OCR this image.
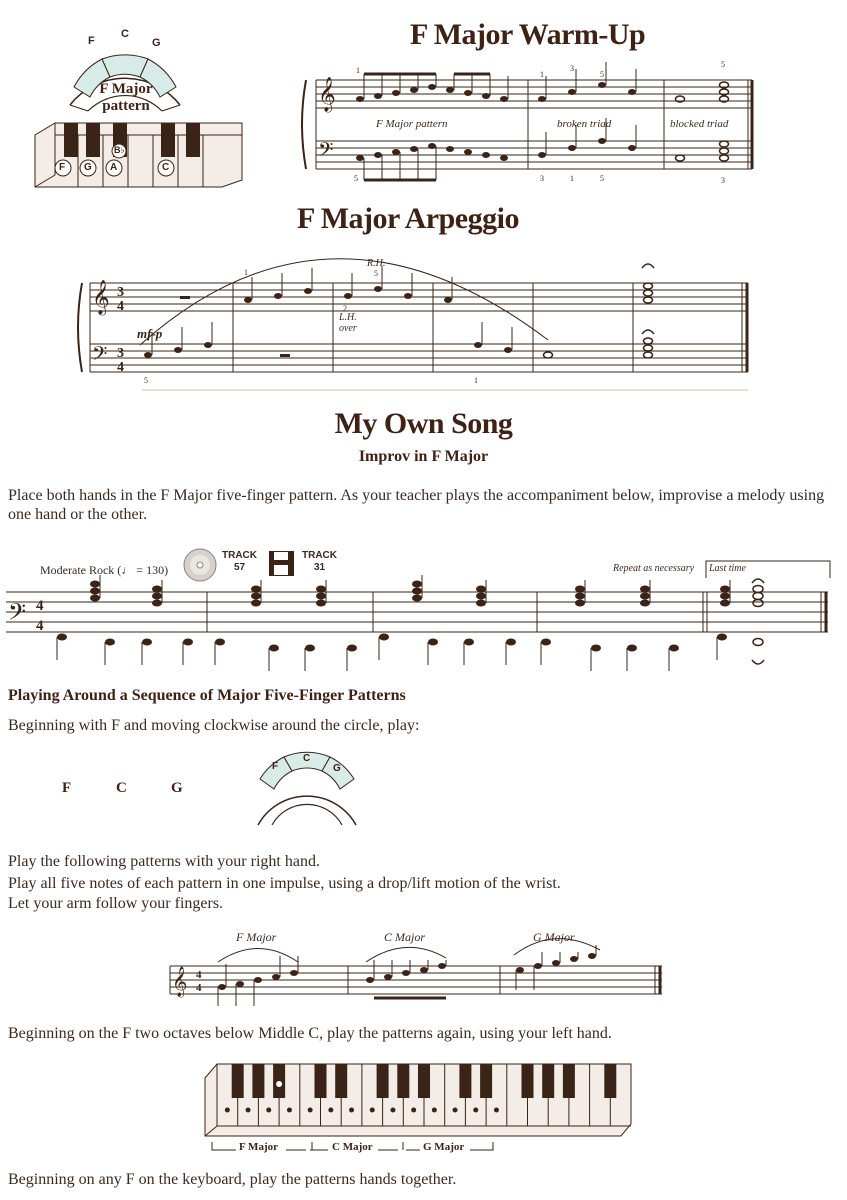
F
C
G
F Major
pattern
F G A
B♭
C
F Major Warm-Up
𝄞
𝄢
1	1
3
5
5
5	3	1	5	3
F Major pattern	broken triad	blocked triad
F Major Arpeggio
𝄞
𝄢
3
4
3
4
mf-p
R.H.
L.H.
over
1	5
2
5	1
My Own Song
Improv in F Major
Place both hands in the F Major five-finger pattern. As your teacher plays the accompaniment below, improvise a melody using one hand or the other.
Moderate Rock (♩ = 130)
TRACK
57
TRACK
31	Repeat as necessary Last time
𝄢 4
4
Playing Around a Sequence of Major Five-Finger Patterns
Beginning with F and moving clockwise around the circle, play:
F	C	G
F
C
G
Play the following patterns with your right hand.
Play all five notes of each pattern in one impulse, using a drop/lift motion of the wrist.
Let your arm follow your fingers.
F Major	C Major	G Major
𝄞 4
4
Beginning on the F two octaves below Middle C, play the patterns again, using your left hand.
F Major	C Major	G Major
Beginning on any F on the keyboard, play the patterns hands together.
